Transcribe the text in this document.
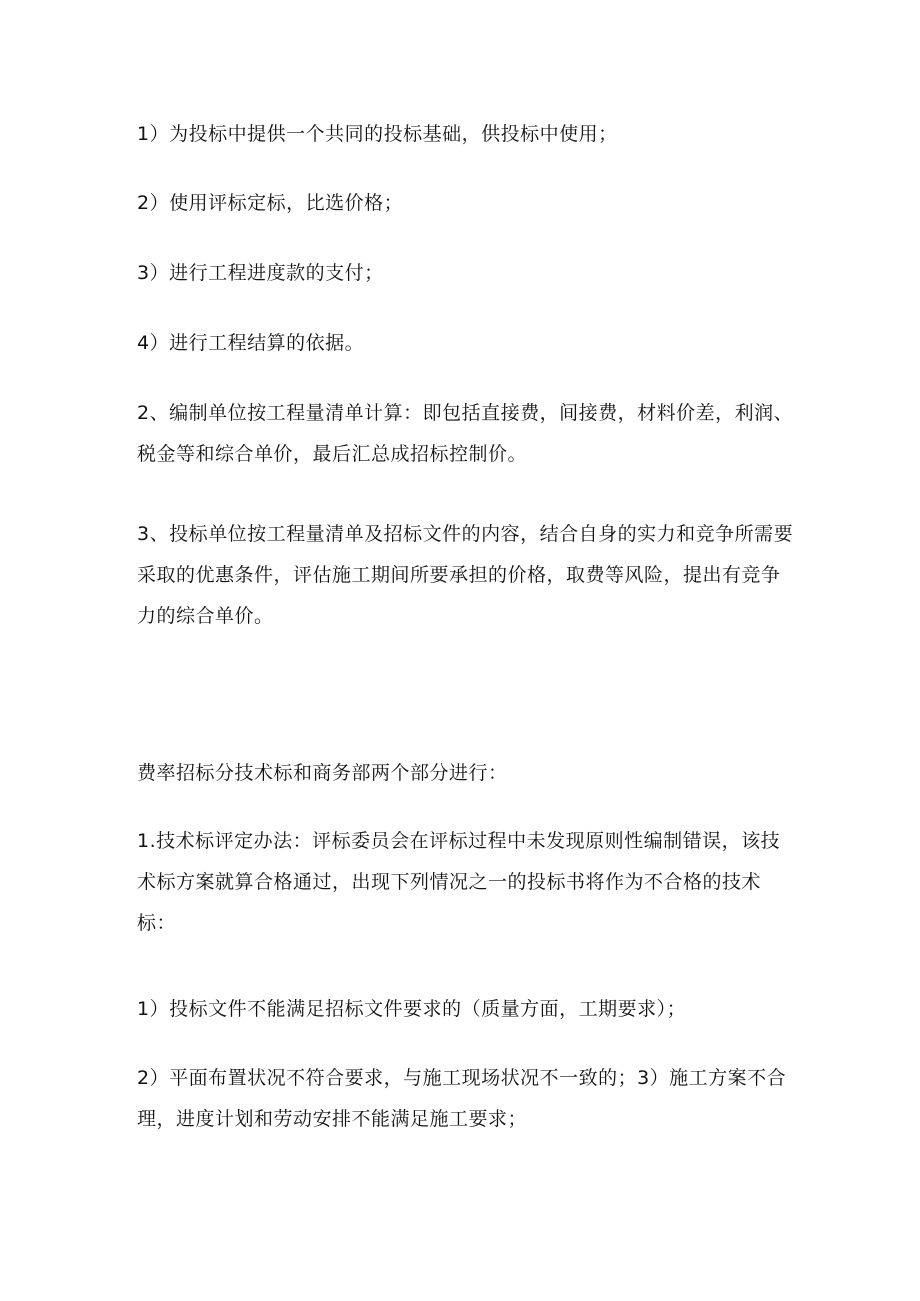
1）为投标中提供一个共同的投标基础，供投标中使用；

2）使用评标定标，比选价格；

3）进行工程进度款的支付；

4）进行工程结算的依据。

2、编制单位按工程量清单计算：即包括直接费，间接费，材料价差，利润、税金等和综合单价，最后汇总成招标控制价。

3、投标单位按工程量清单及招标文件的内容，结合自身的实力和竞争所需要采取的优惠条件，评估施工期间所要承担的价格，取费等风险，提出有竞争力的综合单价。

费率招标分技术标和商务部两个部分进行：

1.技术标评定办法：评标委员会在评标过程中未发现原则性编制错误，该技术标方案就算合格通过，出现下列情况之一的投标书将作为不合格的技术标：

1）投标文件不能满足招标文件要求的（质量方面，工期要求）；

2）平面布置状况不符合要求，与施工现场状况不一致的；3）施工方案不合理，进度计划和劳动安排不能满足施工要求；
